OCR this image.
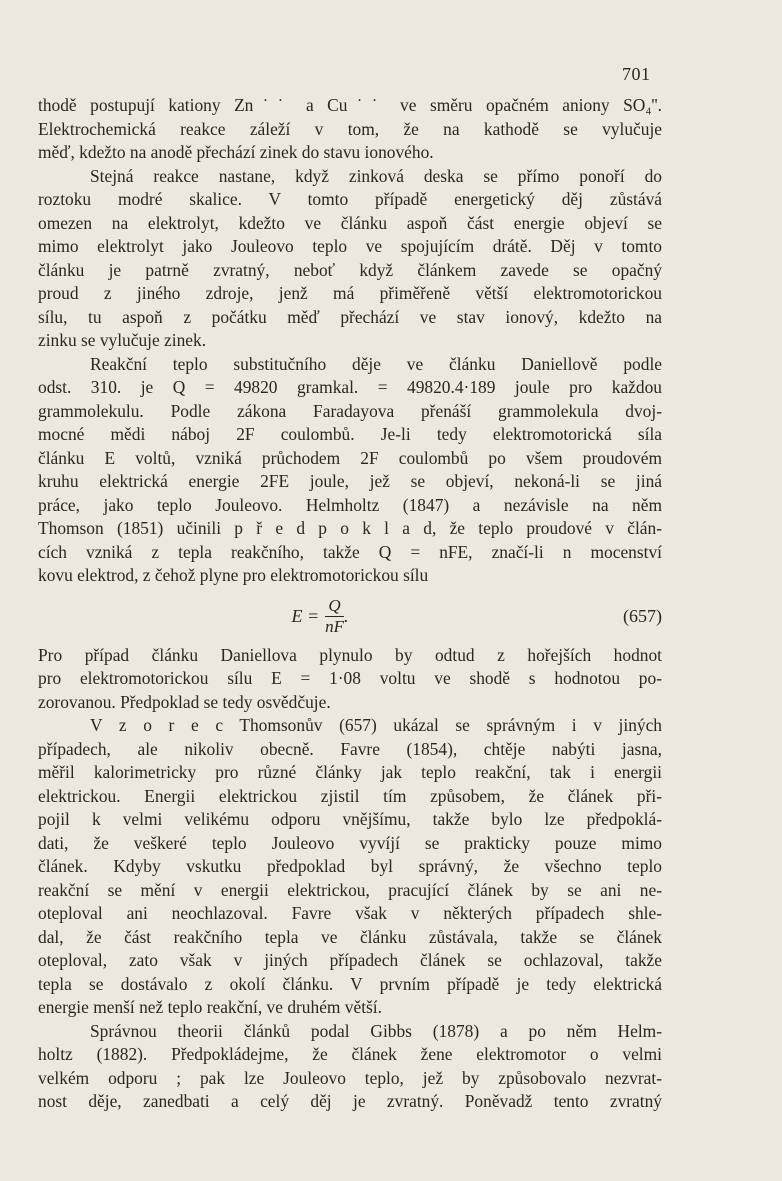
701
thodě postupují kationy Zn˙˙ a Cu˙˙ ve směru opačném aniony SO₄''.
Elektrochemická reakce záleží v tom, že na kathodě se vylučuje
měď, kdežto na anodě přechází zinek do stavu ionového.
Stejná reakce nastane, když zinková deska se přímo ponoří do
roztoku modré skalice. V tomto případě energetický děj zůstává
omezen na elektrolyt, kdežto ve článku aspoň část energie objeví se
mimo elektrolyt jako Jouleovo teplo ve spojujícím drátě. Děj v tomto
článku je patrně zvratný, neboť když článkem zavede se opačný
proud z jiného zdroje, jenž má přiměřeně větší elektromotorickou
sílu, tu aspoň z počátku měď přechází ve stav ionový, kdežto na
zinku se vylučuje zinek.
Reakční teplo substitučního děje ve článku Daniellově podle
odst. 310. je Q = 49820 gramkal. = 49820.4·189 joule pro každou
grammolekulu. Podle zákona Faradayova přenáší grammolekula dvoj-
mocné mědi náboj 2F coulombů. Je-li tedy elektromotorická síla
článku E voltů, vzniká průchodem 2F coulombů po všem proudovém
kruhu elektrická energie 2FE joule, jež se objeví, nekoná-li se jiná
práce, jako teplo Jouleovo. Helmholtz (1847) a nezávisle na něm
Thomson (1851) učinili p ř e d p o k l a d, že teplo proudové v člán-
cích vzniká z tepla reakčního, takže Q = nFE, značí-li n mocenství
kovu elektrod, z čehož plyne pro elektromotorickou sílu
$E = \frac{Q}{nF}$ .	(657)
Pro případ článku Daniellova plynulo by odtud z hořejších hodnot
pro elektromotorickou sílu E = 1·08 voltu ve shodě s hodnotou po-
zorovanou. Předpoklad se tedy osvědčuje.
V z o r e c Thomsonův (657) ukázal se správným i v jiných
případech, ale nikoliv obecně. Favre (1854), chtěje nabýti jasna,
měřil kalorimetricky pro různé články jak teplo reakční, tak i energii
elektrickou. Energii elektrickou zjistil tím způsobem, že článek při-
pojil k velmi velikému odporu vnějšímu, takže bylo lze předpoklá-
dati, že veškeré teplo Jouleovo vyvíjí se prakticky pouze mimo
článek. Kdyby vskutku předpoklad byl správný, že všechno teplo
reakční se mění v energii elektrickou, pracující článek by se ani ne-
oteploval ani neochlazoval. Favre však v některých případech shle-
dal, že část reakčního tepla ve článku zůstávala, takže se článek
oteploval, zato však v jiných případech článek se ochlazoval, takže
tepla se dostávalo z okolí článku. V prvním případě je tedy elektrická
energie menší než teplo reakční, ve druhém větší.
Správnou theorii článků podal Gibbs (1878) a po něm Helm-
holtz (1882). Předpokládejme, že článek žene elektromotor o velmi
velkém odporu ; pak lze Jouleovo teplo, jež by způsobovalo nezvrat-
nost děje, zanedbati a celý děj je zvratný. Poněvadž tento zvratný
